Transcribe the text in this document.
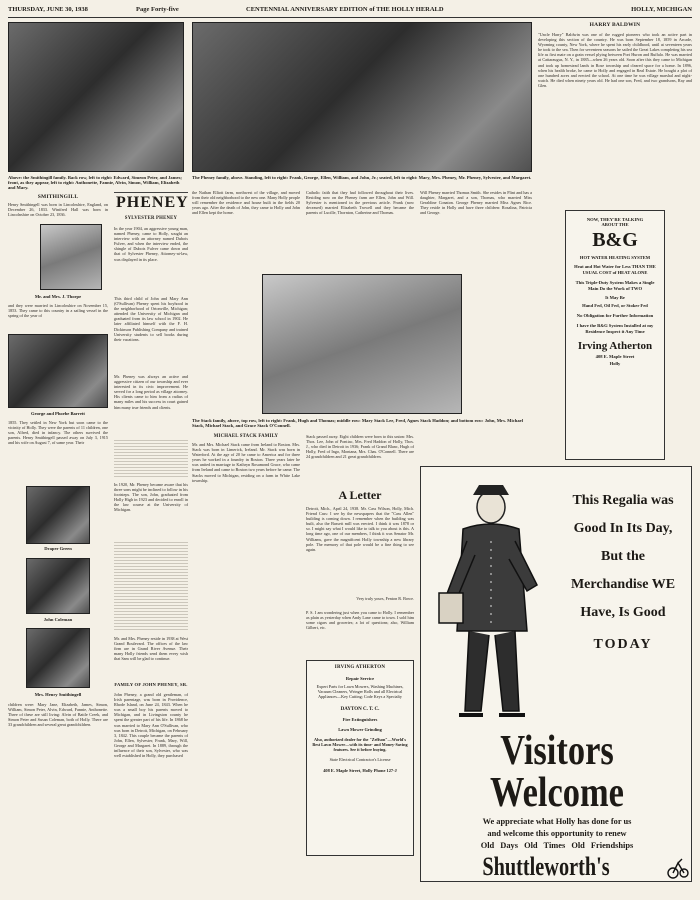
THURSDAY, JUNE 30, 1938	Page Forty-five	CENTENNIAL ANNIVERSARY EDITION of THE HOLLY HERALD	HOLLY, MICHIGAN
Above: the Smithingill family. Back row, left to right: Edward, Simeon Peter, and James; front, as they appear, left to right: Anthonette, Fannie, Alvin, Simon, William, Elizabeth and Mary.
SMITHINGILL
Henry Smithingell was born in Lincolnshire, England, on December 26, 1833. Winifred Hall was born in Lincolnshire on October 23, 1836.
Mr. and Mrs. J. Thorpe
and they were married in Lincolnshire on November 15, 1853. They came to this country in a sailing vessel in the spring of the year of
George and Phoebe Barrett
1855. They settled in New York but soon came to the vicinity of Holly. They were the parents of 11 children, one son, Alfred, died in infancy. The others survived the parents. Henry Smithingell passed away on July 3, 1915 and his wife on August 7, of same year. Their
Draper Green
John Coleman
Mrs. Henry Smithingell
children were: Mary Jane, Elizabeth, James, Simon, William, Simon Peter, Alvin, Edward, Fannie, Anthonette. Three of these are still living: Alvin of Battle Creek, and Simon Peter and Susan Coleman, both of Holly. There are 33 grandchildren and several great grandchildren.
PHENEY
SYLVESTER PHENEY
In the year 1904, an aggressive young man, named Pheney, came to Holly, sought an interview with an attorney named Dubois Fulver, and when the interview ended, the shingle of Dubois Fulver came down and that of Sylvester Pheney, Attorney-at-law, was displayed in its place.
This third child of John and Mary Ann (O'Sullivan) Pheney spent his boyhood in the neighborhood of Ortonville, Michigan; attended the University of Michigan and graduated from its law school in 1902. He later affiliated himself with the F. H. Dickinson Publishing Company and trained University students to sell books during their vacations.
Mr. Pheney was always an active and aggressive citizen of our township and ever interested in its civic improvement. He served for a long period as village attorney. His clients came to him from a radius of many miles and his success in court gained him many true friends and clients.
In 1920, Mr. Pheney became aware that his three sons might be inclined to follow in his footsteps. The son, John, graduated from Holly High in 1923 and decided to enroll in the law course at the University of Michigan.
Mr. and Mrs. Pheney reside in 1938 at West Grand Boulevard. The offices of the law firm are in Grand River Avenue. Their many Holly friends send them every wish that Sam will be glad to continue.
FAMILY OF JOHN PHENEY, SR.
John Pheney, a grand old gentleman, of Irish parentage, was born in Providence, Rhode Island, on June 24, 1843. When he was a small boy his parents moved to Michigan, and in Livingston county he spent the greater part of his life. In 1868 he was married to Mary Ann O'Sullivan, who was born in Detroit, Michigan, on February 3, 1842. This couple became the parents of John, Ellen, Sylvester, Frank, Mary, Will, George and Margaret. In 1889, through the influence of their son, Sylvester, who was well established in Holly, they purchased
The Pheney family, above. Standing, left to right: Frank, George, Ellen, William, and John, Jr.; seated, left to right: Mary, Mrs. Pheney, Mr. Pheney, Sylvester, and Margaret.
the Nathan Elliott farm, northwest of the village, and moved from their old neighborhood to the new one. Many Holly people will remember the residence and house built in the fields 20 years ago. After the death of John, they came to Holly and John and Ellen kept the home.
Catholic faith that they had followed throughout their lives. Residing now on the Pheney farm are Ellen, John and Will. Sylvester is mentioned in the previous article. Frank (now deceased) married Elizabeth Trowell and they became the parents of Lucille, Thornton, Catherine and Thomas.
Will Pheney married Thomas Smith. She resides in Flint and has a daughter, Margaret, and a son, Thomas, who married Miss Geraldine Conaton. George Pheney married Miss Agnes Rice. They reside in Holly and have three children: Rosalina, Patricia and George.
The Stack family, above, top row, left to right: Frank, Hugh and Thomas; middle row: Mary Stack Lee, Fred, Agnes Stack Haddon; and bottom row: John, Mrs. Michael Stack, Michael Stack, and Grace Stack O'Connell.
MICHAEL STACK FAMILY
Mr. and Mrs. Michael Stack came from Ireland to Boston. Mrs. Stack was born in Limerick, Ireland. Mr. Stack was born in Waterford. At the age of 20 he came to America and for three years he worked in a foundry in Boston. Three years later he was united in marriage to Kathryn Rosamond Grace, who came from Ireland and came to Boston two years before he came. The Stacks moved to Michigan, residing on a farm in White Lake township.
Stack passed away. Eight children were born to this union: Mrs. Thos. Lee, John of Pontiac, Mrs. Fred Haddon of Holly, Thos. J., who died in Detroit in 1936; Frank of Grand Blanc, Hugh of Holly, Fred of Ingo, Montana, Mrs. Chas. O'Connell. There are 24 grandchildren and 21 great grandchildren.
A Letter
Detroit, Mich., April 24, 1938. Mr. Cass Wilson, Holly, Mich. Friend Cass: I see by the newspapers that the "Cass Allen" building is coming down. I remember when the building was built, also the Bassett mill was erected. I think it was 1878 or so. I might say what I would like to talk to you about is this. A long time ago, one of our members, I think it was Senator Mr. Williams, gave the magnificent Holly township a new library pole. The memory of that pole would be a fine thing to see again.
Very truly yours, Fenton R. Bowe.
P. S. I am wondering just when you came to Holly. I remember as plain as yesterday when Andy Lane came to town. I sold him some cigars and groceries; a lot of questions; also, William Gilbert, etc.
IRVING ATHERTON
Repair Service
Expert Parts for Lawn Mowers, Washing Machines, Vacuum Cleaners, Wringer Rolls and all Electrical Appliances—Key Cutting; Code Keys a Specialty
DAYTON C. T. C.
Fire Extinguishers
Lawn Mower Grinding
Also, authorized dealer for the "Zeffson"—World's Best Lawn Mower—with its time- and Money-Saving features. See it before buying.
State Electrical Contractor's License
408 E. Maple Street, Holly Phone 127-J
HARRY BALDWIN
"Uncle Harry" Baldwin was one of the rugged pioneers who took an active part in developing this section of the country. He was born September 18, 1859 in Arcade, Wyoming county, New York, where he spent his early childhood, until at seventeen years he took to the sea. Then for seventeen seasons he sailed the Great Lakes completing his sea life as first mate on a grain vessel plying between Port Huron and Buffalo. He was married at Cattaraugus, N. Y., in 1885—when 26 years old. Soon after this they came to Michigan and took up homestead lands in Rose township and cleared space for a home. In 1896, when his health broke, he came to Holly and engaged in Real Estate. He bought a plot of one hundred acres and erected the school. At one time he was village marshal and night-watch. He died when ninety years old. He had one son, Fred, and two grandsons, Ray and Glen.
NOW, THEY'RE TALKING
ABOUT THE
B&G
HOT WATER HEATING SYSTEM
Heat and Hot Water for Less THAN THE USUAL COST of HEAT ALONE
This Triple-Duty System Makes a Single Main Do the Work of TWO
It May Be
Hand Fed, Oil Fed, or Stoker Fed
No Obligation for Further Information
I have the B&G System Installed at my Residence Inspect it Any Time
Irving Atherton
408 E. Maple Street
Holly
This Regalia was
Good In Its Day,
But the
Merchandise WE
Have, Is Good
TODAY
Visitors
Welcome
We appreciate what Holly has done for us
and welcome this opportunity to renew
Old Days Old Times Old Friendships
Shuttleworth's
